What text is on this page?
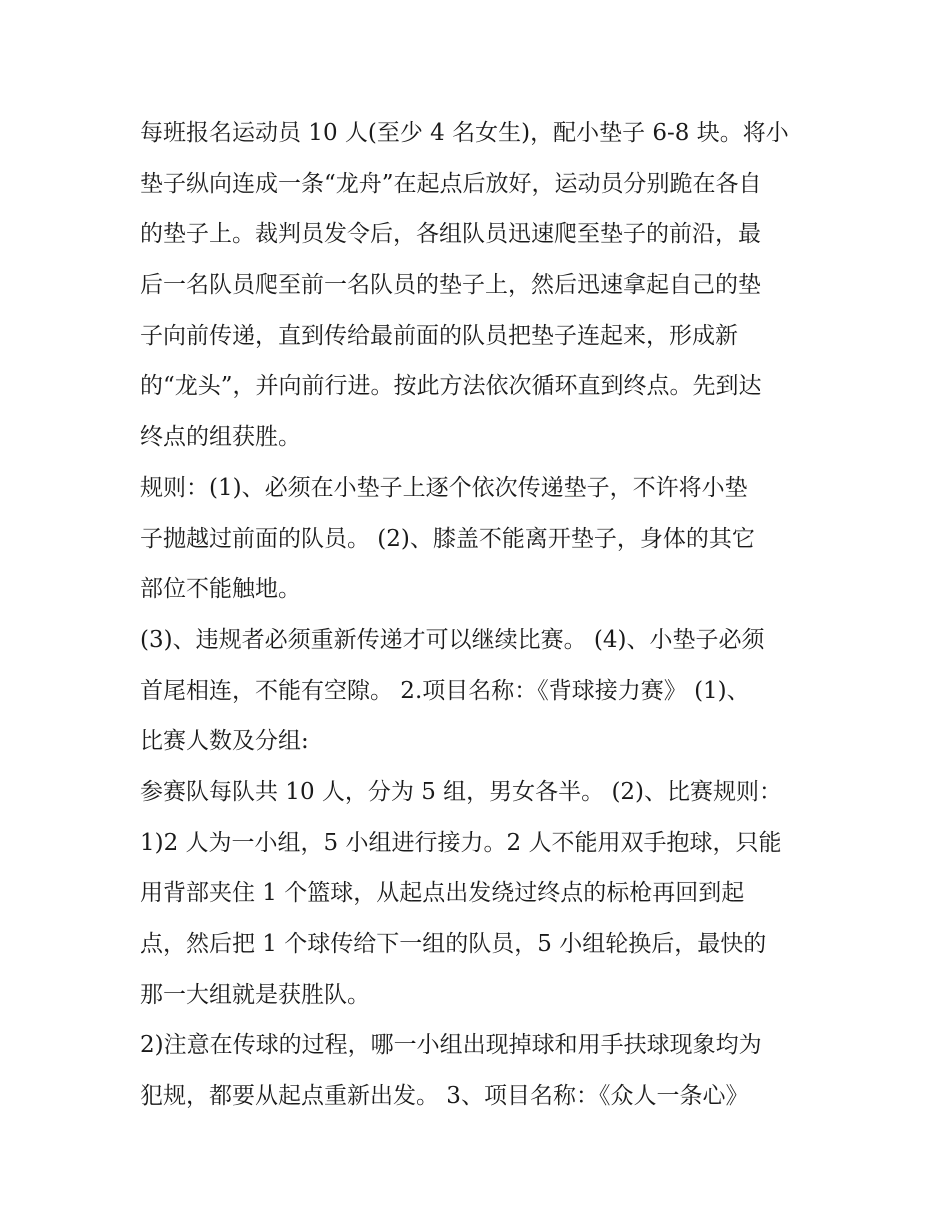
每班报名运动员 10 人(至少 4 名女生)，配小垫子 6-8 块。将小
垫子纵向连成一条“龙舟”在起点后放好，运动员分别跪在各自
的垫子上。裁判员发令后，各组队员迅速爬至垫子的前沿，最
后一名队员爬至前一名队员的垫子上，然后迅速拿起自己的垫
子向前传递，直到传给最前面的队员把垫子连起来，形成新
的“龙头”，并向前行进。按此方法依次循环直到终点。先到达
终点的组获胜。
规则：(1)、必须在小垫子上逐个依次传递垫子，不许将小垫
子抛越过前面的队员。 (2)、膝盖不能离开垫子，身体的其它
部位不能触地。
(3)、违规者必须重新传递才可以继续比赛。 (4)、小垫子必须
首尾相连，不能有空隙。 2.项目名称：《背球接力赛》 (1)、
比赛人数及分组:
参赛队每队共 10 人，分为 5 组，男女各半。 (2)、比赛规则：
1)2 人为一小组，5 小组进行接力。2 人不能用双手抱球，只能
用背部夹住 1 个篮球，从起点出发绕过终点的标枪再回到起
点，然后把 1 个球传给下一组的队员，5 小组轮换后，最快的
那一大组就是获胜队。
2)注意在传球的过程，哪一小组出现掉球和用手扶球现象均为
犯规，都要从起点重新出发。 3、项目名称：《众人一条心》
